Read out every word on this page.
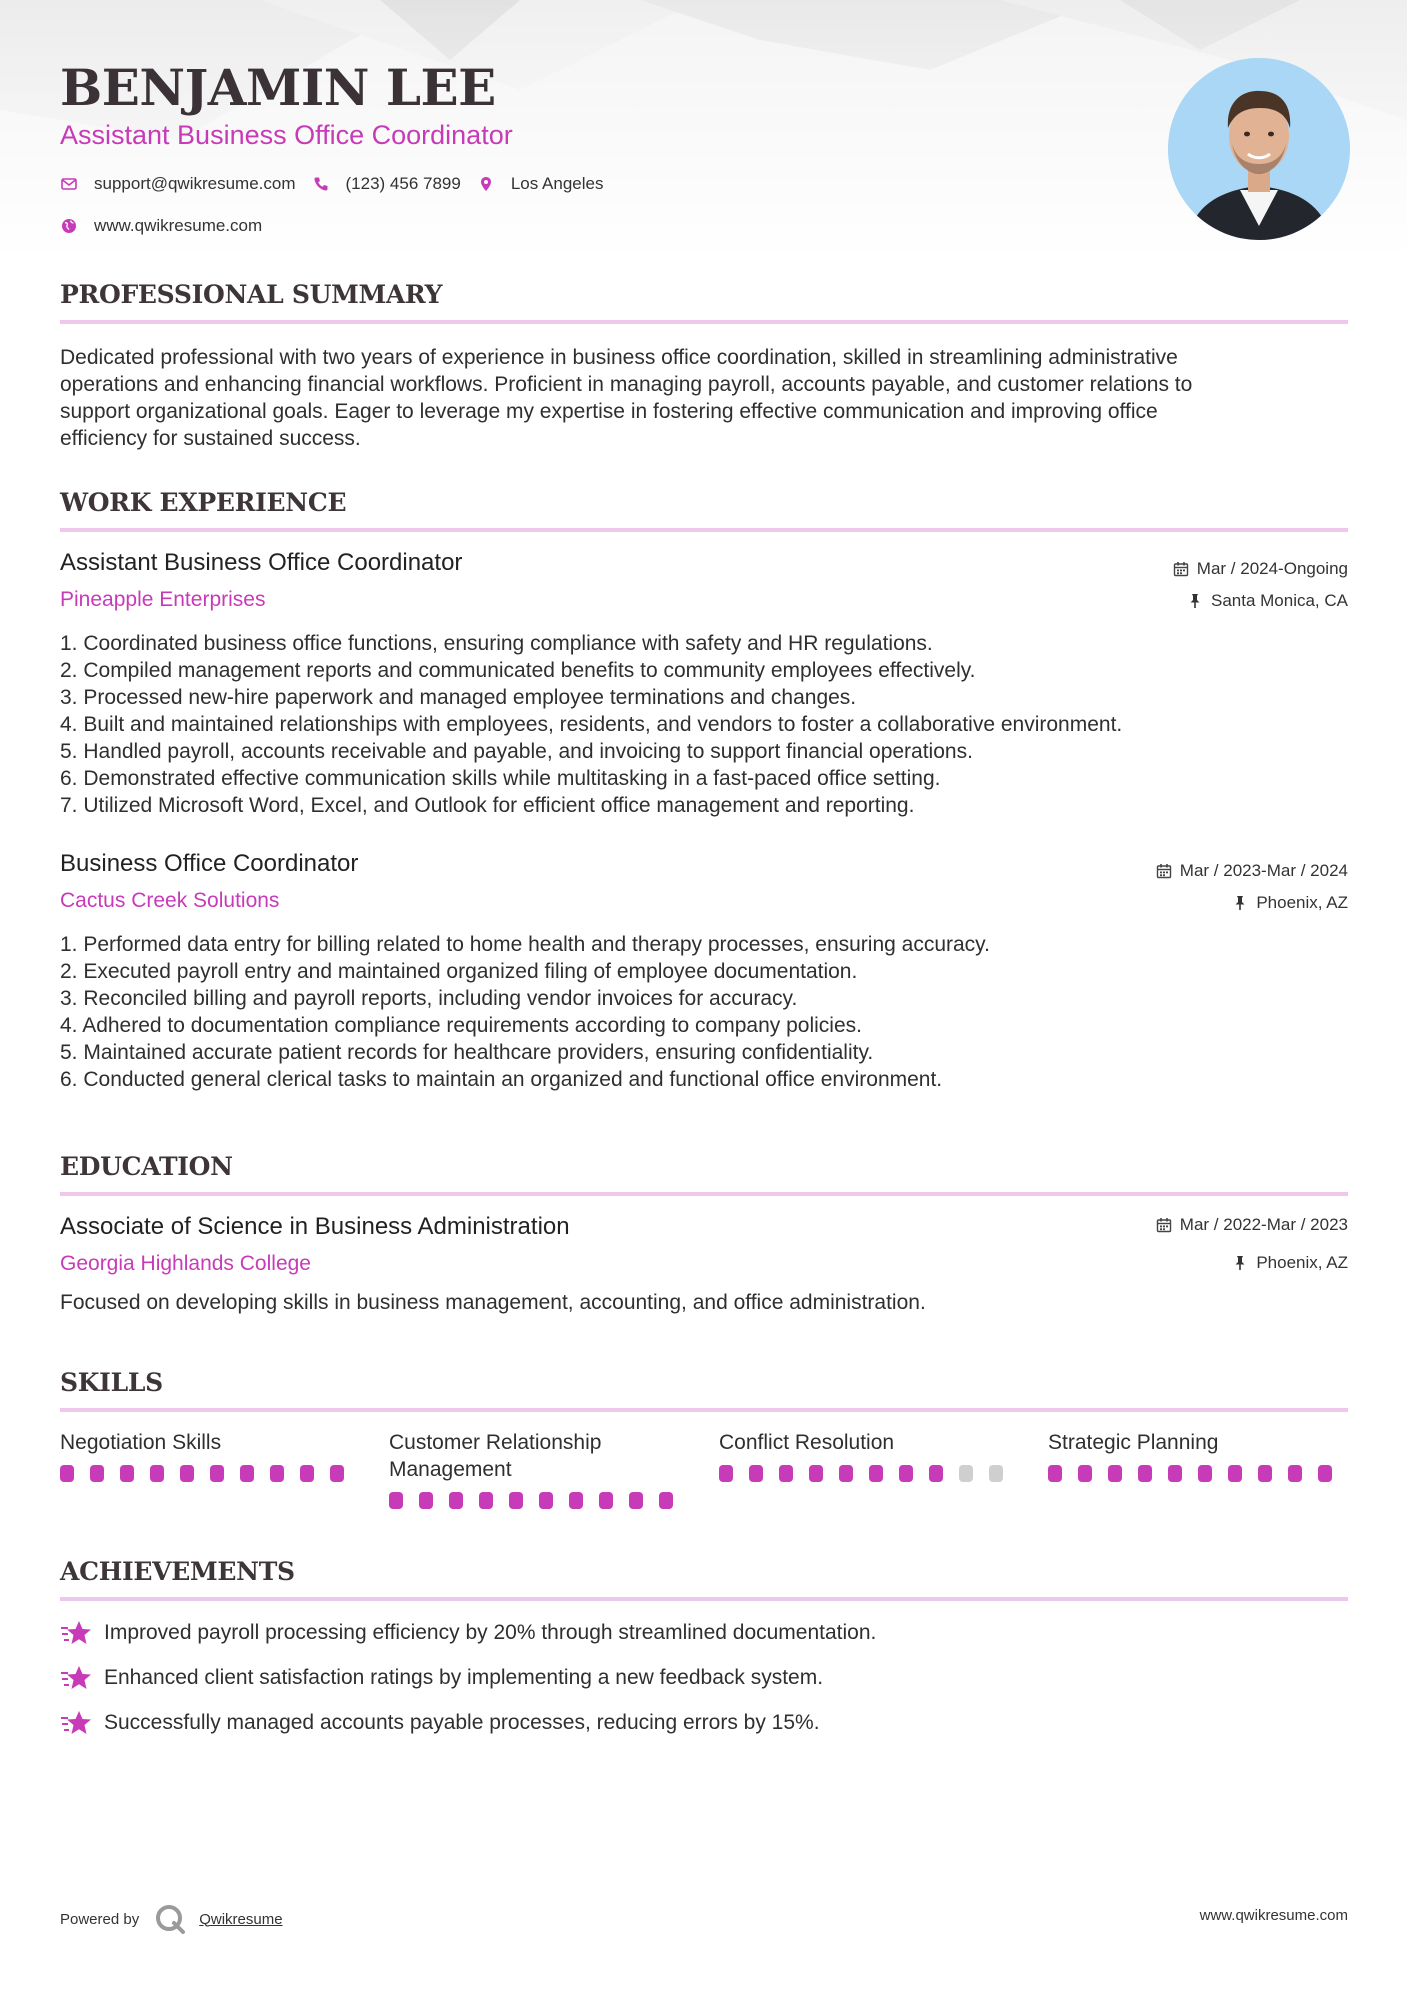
BENJAMIN LEE
Assistant Business Office Coordinator
support@qwikresume.com	(123) 456 7899	Los Angeles
www.qwikresume.com
PROFESSIONAL SUMMARY
Dedicated professional with two years of experience in business office coordination, skilled in streamlining administrative
operations and enhancing financial workflows. Proficient in managing payroll, accounts payable, and customer relations to
support organizational goals. Eager to leverage my expertise in fostering effective communication and improving office
efficiency for sustained success.
WORK EXPERIENCE
Assistant Business Office Coordinator
Pineapple Enterprises
Mar / 2024-Ongoing
Santa Monica, CA
1. Coordinated business office functions, ensuring compliance with safety and HR regulations.
2. Compiled management reports and communicated benefits to community employees effectively.
3. Processed new-hire paperwork and managed employee terminations and changes.
4. Built and maintained relationships with employees, residents, and vendors to foster a collaborative environment.
5. Handled payroll, accounts receivable and payable, and invoicing to support financial operations.
6. Demonstrated effective communication skills while multitasking in a fast-paced office setting.
7. Utilized Microsoft Word, Excel, and Outlook for efficient office management and reporting.
Business Office Coordinator
Cactus Creek Solutions
Mar / 2023-Mar / 2024
Phoenix, AZ
1. Performed data entry for billing related to home health and therapy processes, ensuring accuracy.
2. Executed payroll entry and maintained organized filing of employee documentation.
3. Reconciled billing and payroll reports, including vendor invoices for accuracy.
4. Adhered to documentation compliance requirements according to company policies.
5. Maintained accurate patient records for healthcare providers, ensuring confidentiality.
6. Conducted general clerical tasks to maintain an organized and functional office environment.
EDUCATION
Associate of Science in Business Administration
Georgia Highlands College
Mar / 2022-Mar / 2023
Phoenix, AZ
Focused on developing skills in business management, accounting, and office administration.
SKILLS
Negotiation Skills	Customer Relationship Management
Conflict Resolution	Strategic Planning
ACHIEVEMENTS
Improved payroll processing efficiency by 20% through streamlined documentation.
Enhanced client satisfaction ratings by implementing a new feedback system.
Successfully managed accounts payable processes, reducing errors by 15%.
Powered by	Qwikresume	www.qwikresume.com
